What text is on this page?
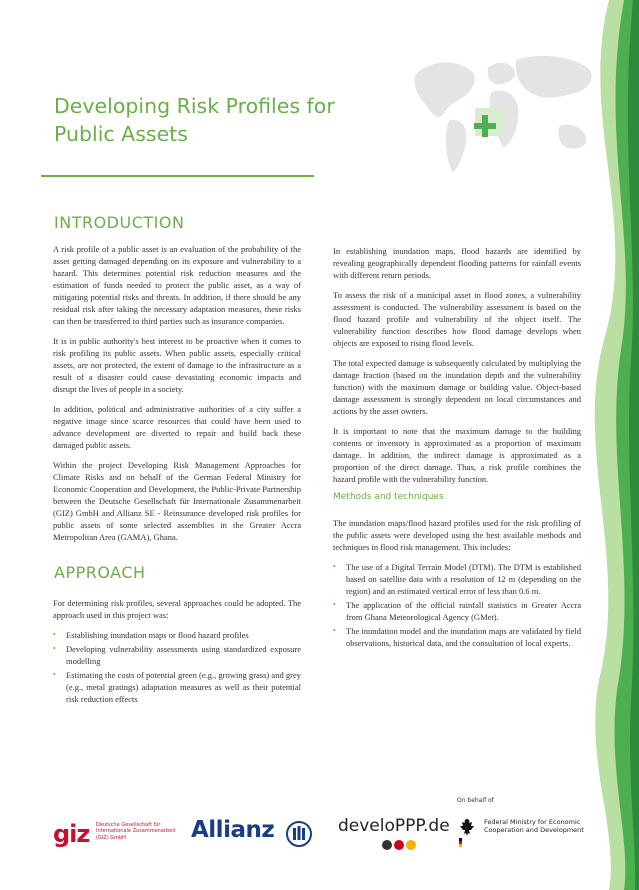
Developing Risk Profiles for Public Assets
INTRODUCTION

A risk profile of a public asset is an evaluation of the probability of the asset getting damaged depending on its exposure and vulnerability to a hazard. This determines potential risk reduction measures and the estimation of funds needed to protect the public asset, as a way of mitigating potential risks and threats. In addition, if there should be any residual risk after taking the necessary adaptation measures, these risks can then be transferred to third parties such as insurance companies.

It is in public authority's best interest to be proactive when it comes to risk profiling its public assets. When public assets, especially critical assets, are not protected, the extent of damage to the infrastructure as a result of a disaster could cause devastating economic impacts and disrupt the lives of people in a society.

In addition, political and administrative authorities of a city suffer a negative image since scarce resources that could have been used to advance development are diverted to repair and build back these damaged public assets.

Within the project Developing Risk Management Approaches for Climate Risks and on behalf of the German Federal Ministry for Economic Cooperation and Development, the Public-Private Partnership between the Deutsche Gesellschaft für Internationale Zusammenarbeit (GIZ) GmbH and Allianz SE - Reinsurance developed risk profiles for public assets of some selected assemblies in the Greater Accra Metropolitan Area (GAMA), Ghana.

APPROACH

For determining risk profiles, several approaches could be adopted. The approach used in this project was:

• Establishing inundation maps or flood hazard profiles
• Developing vulnerability assessments using standardized exposure modelling
• Estimating the costs of potential green (e.g., growing grass) and grey (e.g., metal gratings) adaptation measures as well as their potential risk reduction effects

In establishing inundation maps, flood hazards are identified by revealing geographically dependent flooding patterns for rainfall events with different return periods.

To assess the risk of a municipal asset in flood zones, a vulnerability assessment is conducted. The vulnerability assessment is based on the flood hazard profile and vulnerability of the object itself. The vulnerability function describes how flood damage develops when objects are exposed to rising flood levels.

The total expected damage is subsequently calculated by multiplying the damage fraction (based on the inundation depth and the vulnerability function) with the maximum damage or building value. Object-based damage assessment is strongly dependent on local circumstances and actions by the asset owners.

It is important to note that the maximum damage to the building contents or inventory is approximated as a proportion of maximum damage. In addition, the indirect damage is approximated as a proportion of the direct damage. Thus, a risk profile combines the hazard profile with the vulnerability function.

Methods and techniques

The inundation maps/flood hazard profiles used for the risk profiling of the public assets were developed using the best available methods and techniques in flood risk management. This includes:

• The use of a Digital Terrain Model (DTM). The DTM is established based on satellite data with a resolution of 12 m (depending on the region) and an estimated vertical error of less than 0.6 m.
• The application of the official rainfall statistics in Greater Accra from Ghana Meteorological Agency (GMet).
• The inundation model and the inundation maps are validated by field observations, historical data, and the consultation of local experts.
giz Deutsche Gesellschaft für Internationale Zusammenarbeit (GIZ) GmbH	Allianz	develoPPP.de
On behalf of
Federal Ministry for Economic Cooperation and Development
